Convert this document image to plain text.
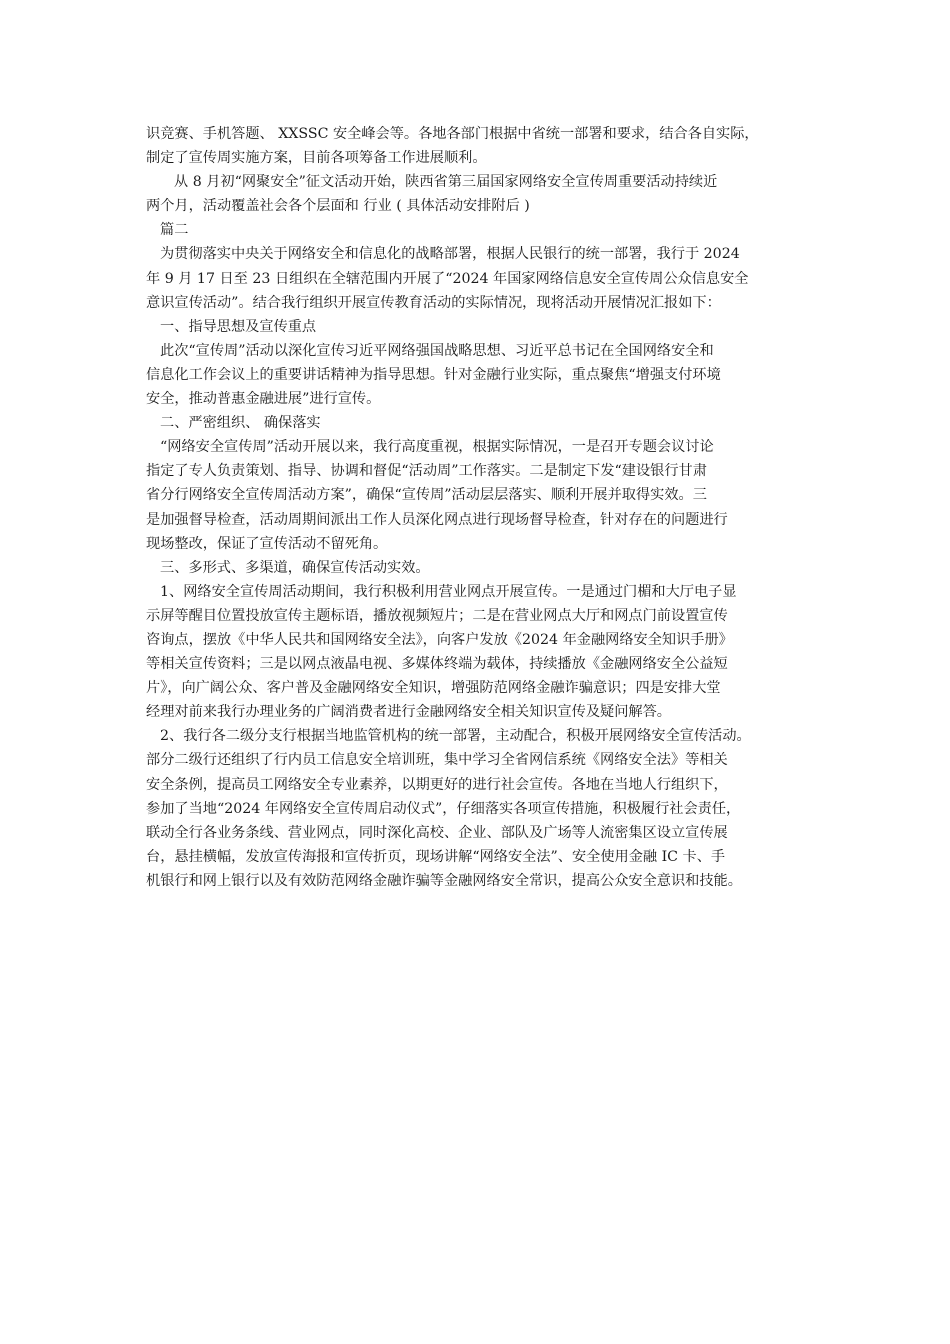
识竞赛、手机答题、 XXSSC 安全峰会等。各地各部门根据中省统一部署和要求，结合各自实际，
制定了宣传周实施方案，目前各项筹备工作进展顺利。
从 8 月初“网聚安全”征文活动开始，陕西省第三届国家网络安全宣传周重要活动持续近
两个月，活动覆盖社会各个层面和 行业 ( 具体活动安排附后 )
篇二
为贯彻落实中央关于网络安全和信息化的战略部署，根据人民银行的统一部署，我行于 2024
年 9 月 17 日至 23 日组织在全辖范围内开展了“2024 年国家网络信息安全宣传周公众信息安全
意识宣传活动”。结合我行组织开展宣传教育活动的实际情况，现将活动开展情况汇报如下：
一、指导思想及宣传重点
此次“宣传周”活动以深化宣传习近平网络强国战略思想、习近平总书记在全国网络安全和
信息化工作会议上的重要讲话精神为指导思想。针对金融行业实际，重点聚焦“增强支付环境
安全，推动普惠金融进展”进行宣传。
二、严密组织、 确保落实
“网络安全宣传周”活动开展以来，我行高度重视，根据实际情况，一是召开专题会议讨论
指定了专人负责策划、指导、协调和督促“活动周”工作落实。二是制定下发“建设银行甘肃
省分行网络安全宣传周活动方案”，确保“宣传周”活动层层落实、顺利开展并取得实效。三
是加强督导检查，活动周期间派出工作人员深化网点进行现场督导检查，针对存在的问题进行
现场整改，保证了宣传活动不留死角。
三、多形式、多渠道，确保宣传活动实效。
1、网络安全宣传周活动期间，我行积极利用营业网点开展宣传。一是通过门楣和大厅电子显
示屏等醒目位置投放宣传主题标语，播放视频短片；二是在营业网点大厅和网点门前设置宣传
咨询点，摆放《中华人民共和国网络安全法》，向客户发放《2024 年金融网络安全知识手册》
等相关宣传资料；三是以网点液晶电视、多媒体终端为载体，持续播放《金融网络安全公益短
片》，向广阔公众、客户普及金融网络安全知识，增强防范网络金融诈骗意识；四是安排大堂
经理对前来我行办理业务的广阔消费者进行金融网络安全相关知识宣传及疑问解答。
2、我行各二级分支行根据当地监管机构的统一部署，主动配合，积极开展网络安全宣传活动。
部分二级行还组织了行内员工信息安全培训班，集中学习全省网信系统《网络安全法》等相关
安全条例，提高员工网络安全专业素养，以期更好的进行社会宣传。各地在当地人行组织下，
参加了当地“2024 年网络安全宣传周启动仪式”，仔细落实各项宣传措施，积极履行社会责任，
联动全行各业务条线、营业网点，同时深化高校、企业、部队及广场等人流密集区设立宣传展
台，悬挂横幅，发放宣传海报和宣传折页，现场讲解“网络安全法”、安全使用金融 IC 卡、手
机银行和网上银行以及有效防范网络金融诈骗等金融网络安全常识，提高公众安全意识和技能。
